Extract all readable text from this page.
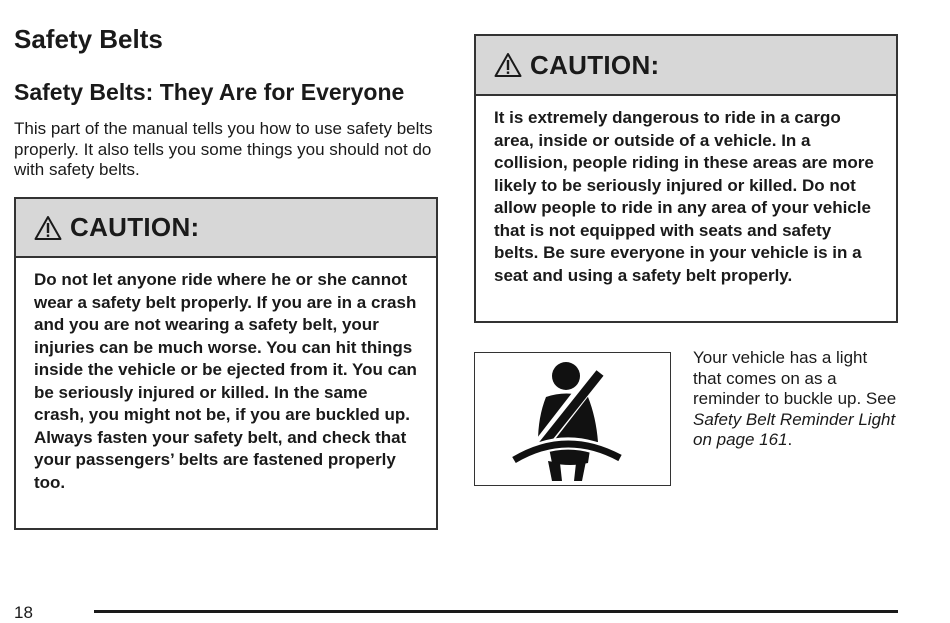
Safety Belts
Safety Belts: They Are for Everyone

This part of the manual tells you how to use safety belts properly. It also tells you some things you should not do with safety belts.

CAUTION:

Do not let anyone ride where he or she cannot wear a safety belt properly. If you are in a crash and you are not wearing a safety belt, your injuries can be much worse. You can hit things inside the vehicle or be ejected from it. You can be seriously injured or killed. In the same crash, you might not be, if you are buckled up. Always fasten your safety belt, and check that your passengers’ belts are fastened properly too.

CAUTION:

It is extremely dangerous to ride in a cargo area, inside or outside of a vehicle. In a collision, people riding in these areas are more likely to be seriously injured or killed. Do not allow people to ride in any area of your vehicle that is not equipped with seats and safety belts. Be sure everyone in your vehicle is in a seat and using a safety belt properly.

Your vehicle has a light that comes on as a reminder to buckle up. See Safety Belt Reminder Light on page 161.

18
